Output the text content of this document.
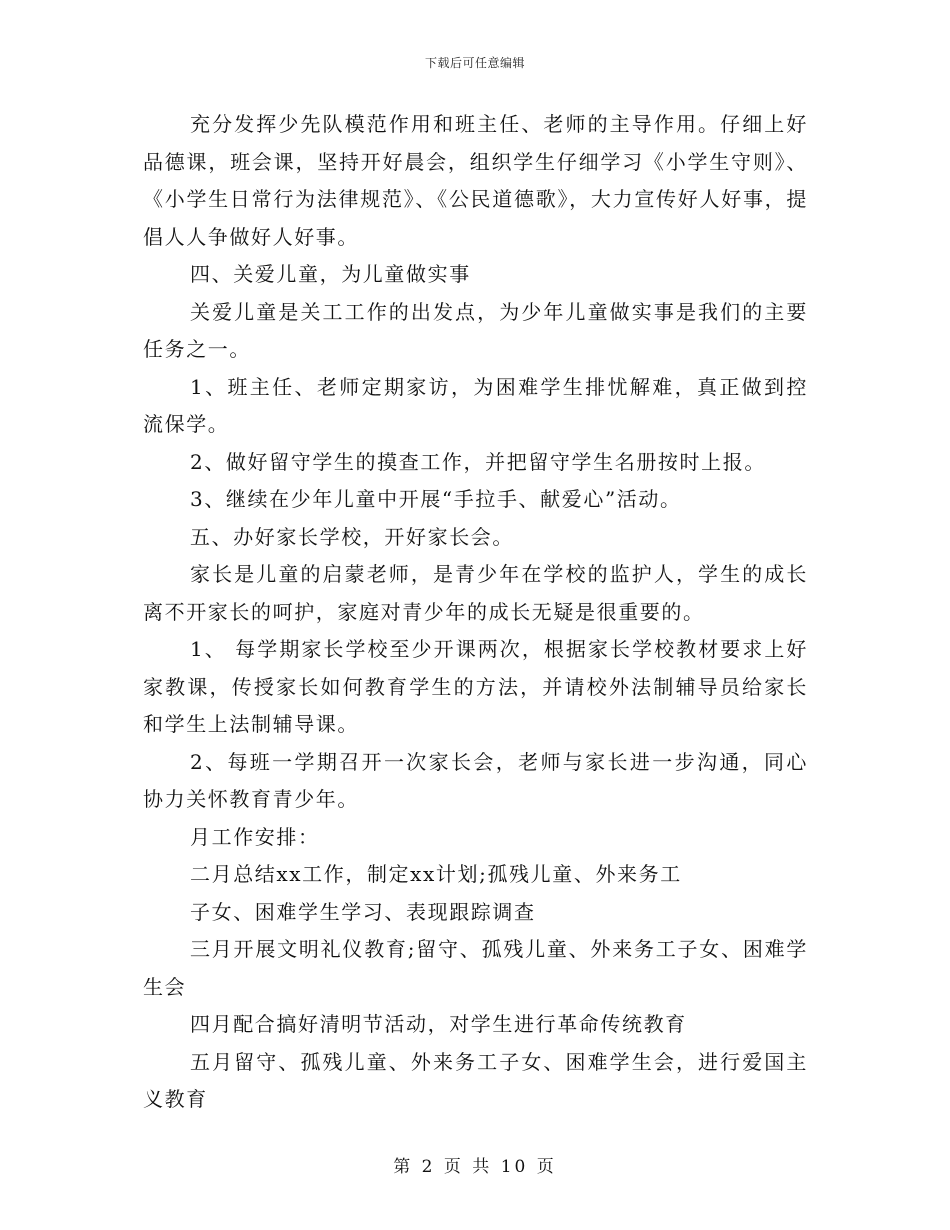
下载后可任意编辑

充分发挥少先队模范作用和班主任、老师的主导作用。仔细上好品德课，班会课，坚持开好晨会，组织学生仔细学习《小学生守则》、《小学生日常行为法律规范》、《公民道德歌》，大力宣传好人好事，提倡人人争做好人好事。

四、关爱儿童，为儿童做实事

关爱儿童是关工工作的出发点，为少年儿童做实事是我们的主要任务之一。

1、班主任、老师定期家访，为困难学生排忧解难，真正做到控流保学。

2、做好留守学生的摸查工作，并把留守学生名册按时上报。

3、继续在少年儿童中开展“手拉手、献爱心”活动。

五、办好家长学校，开好家长会。

家长是儿童的启蒙老师，是青少年在学校的监护人，学生的成长离不开家长的呵护，家庭对青少年的成长无疑是很重要的。

1、 每学期家长学校至少开课两次，根据家长学校教材要求上好家教课，传授家长如何教育学生的方法，并请校外法制辅导员给家长和学生上法制辅导课。

2、每班一学期召开一次家长会，老师与家长进一步沟通，同心协力关怀教育青少年。

月工作安排：

二月总结xx工作，制定xx计划;孤残儿童、外来务工

子女、困难学生学习、表现跟踪调查

三月开展文明礼仪教育;留守、孤残儿童、外来务工子女、困难学生会

四月配合搞好清明节活动，对学生进行革命传统教育

五月留守、孤残儿童、外来务工子女、困难学生会，进行爱国主义教育

第 2 页 共 10 页
